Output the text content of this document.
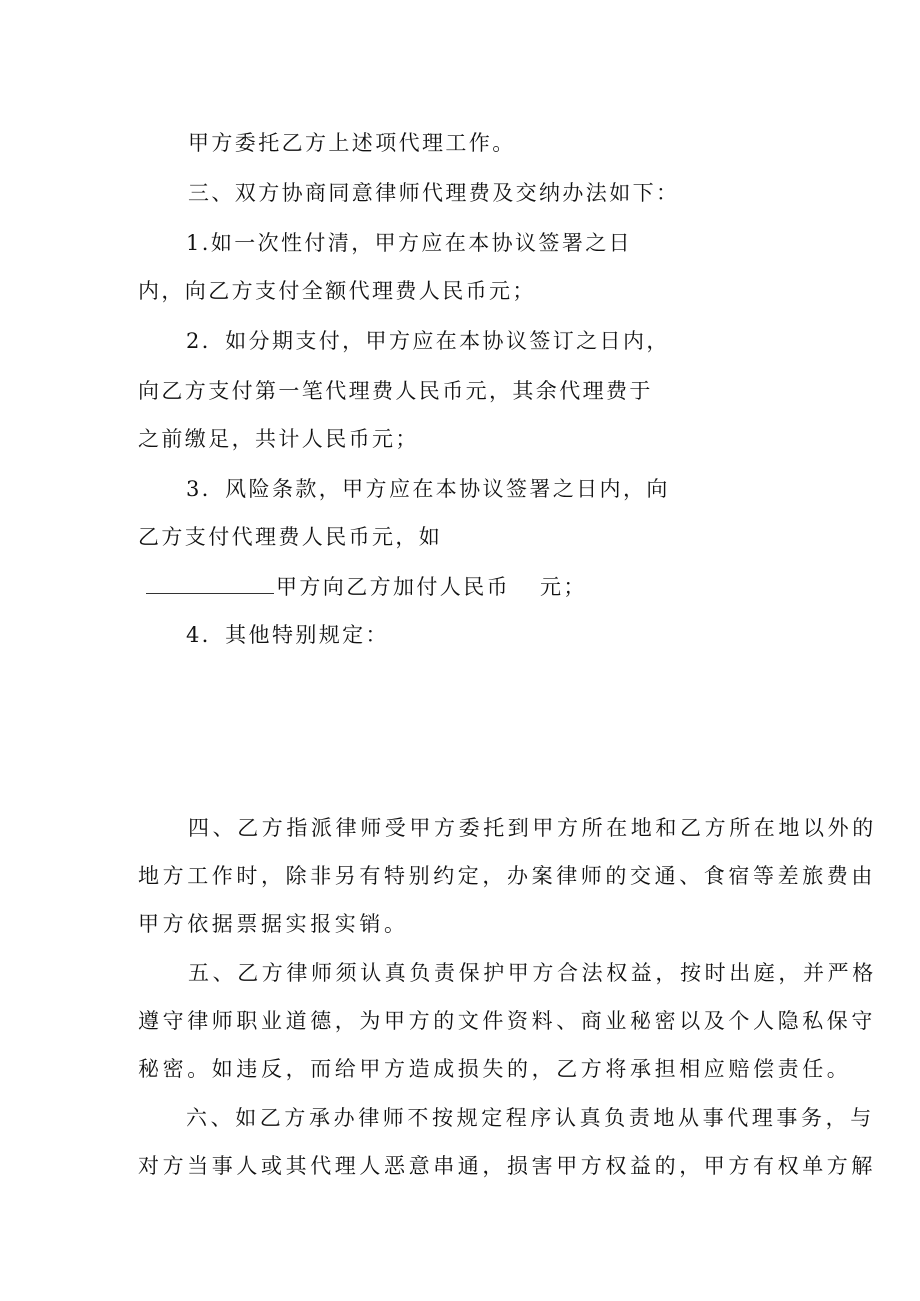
甲方委托乙方上述项代理工作。
三、双方协商同意律师代理费及交纳办法如下：
1.如一次性付清，甲方应在本协议签署之日
内，向乙方支付全额代理费人民币元；
2．如分期支付，甲方应在本协议签订之日内，
向乙方支付第一笔代理费人民币元，其余代理费于
之前缴足，共计人民币元；
3．风险条款，甲方应在本协议签署之日内，向
乙方支付代理费人民币元，如
甲方向乙方加付人民币 元；
4．其他特别规定：
四、乙方指派律师受甲方委托到甲方所在地和乙方所在地以外的
地方工作时，除非另有特别约定，办案律师的交通、食宿等差旅费由
甲方依据票据实报实销。
五、乙方律师须认真负责保护甲方合法权益，按时出庭，并严格
遵守律师职业道德，为甲方的文件资料、商业秘密以及个人隐私保守
秘密。如违反，而给甲方造成损失的，乙方将承担相应赔偿责任。
六、如乙方承办律师不按规定程序认真负责地从事代理事务，与
对方当事人或其代理人恶意串通，损害甲方权益的，甲方有权单方解
